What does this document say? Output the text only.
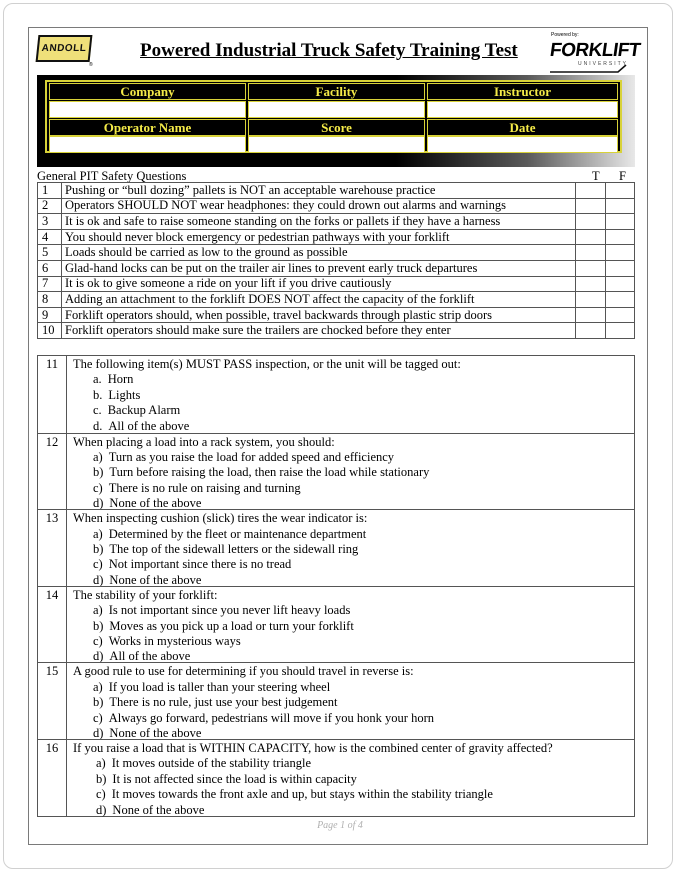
ANDOLL
®
Powered Industrial Truck Safety Training Test
Powered by:
FORKLIFT
UNIVERSITY
Company	Facility	Instructor
Operator Name	Score	Date
General PIT Safety Questions	T F
1	Pushing or “bull dozing” pallets is NOT an acceptable warehouse practice		
2	Operators SHOULD NOT wear headphones: they could drown out alarms and warnings		
3	It is ok and safe to raise someone standing on the forks or pallets if they have a harness		
4	You should never block emergency or pedestrian pathways with your forklift		
5	Loads should be carried as low to the ground as possible		
6	Glad-hand locks can be put on the trailer air lines to prevent early truck departures		
7	It is ok to give someone a ride on your lift if you drive cautiously		
8	Adding an attachment to the forklift DOES NOT affect the capacity of the forklift		
9	Forklift operators should, when possible, travel backwards through plastic strip doors		
10	Forklift operators should make sure the trailers are chocked before they enter		
11	The following item(s) MUST PASS inspection, or the unit will be tagged out:
a. Horn
b. Lights
c. Backup Alarm
d. All of the above
12	When placing a load into a rack system, you should:
a) Turn as you raise the load for added speed and efficiency
b) Turn before raising the load, then raise the load while stationary
c) There is no rule on raising and turning
d) None of the above
13	When inspecting cushion (slick) tires the wear indicator is:
a) Determined by the fleet or maintenance department
b) The top of the sidewall letters or the sidewall ring
c) Not important since there is no tread
d) None of the above
14	The stability of your forklift:
a) Is not important since you never lift heavy loads
b) Moves as you pick up a load or turn your forklift
c) Works in mysterious ways
d) All of the above
15	A good rule to use for determining if you should travel in reverse is:
a) If you load is taller than your steering wheel
b) There is no rule, just use your best judgement
c) Always go forward, pedestrians will move if you honk your horn
d) None of the above
16	If you raise a load that is WITHIN CAPACITY, how is the combined center of gravity affected?
a) It moves outside of the stability triangle
b) It is not affected since the load is within capacity
c) It moves towards the front axle and up, but stays within the stability triangle
d) None of the above
Page 1 of 4
